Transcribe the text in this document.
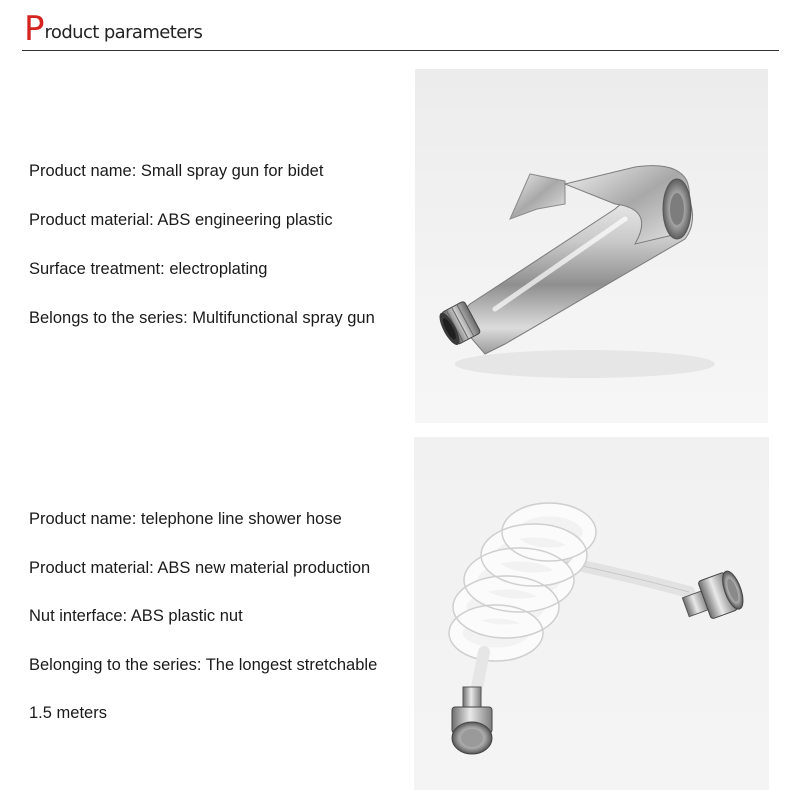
P roduct parameters
Product name: Small spray gun for bidet
Product material: ABS engineering plastic
Surface treatment: electroplating
Belongs to the series: Multifunctional spray gun
Product name: telephone line shower hose
Product material: ABS new material production
Nut interface: ABS plastic nut
Belonging to the series: The longest stretchable
1.5 meters
